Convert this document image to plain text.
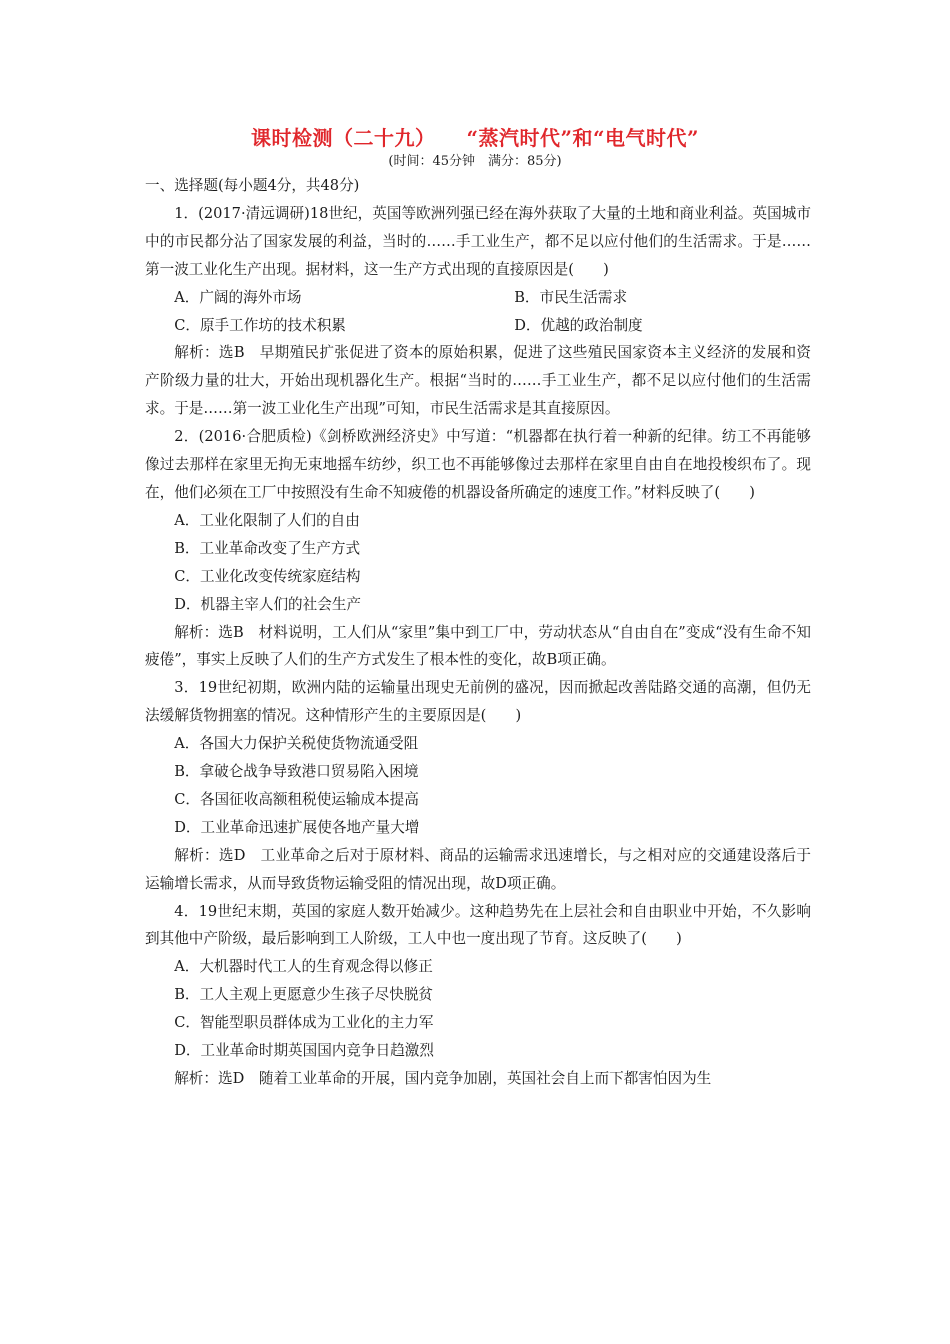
课时检测（二十九）　　“蒸汽时代”和“电气时代”
(时间：45分钟　满分：85分)

一、选择题(每小题4分，共48分)

1．(2017·清远调研)18世纪，英国等欧洲列强已经在海外获取了大量的土地和商业利益。英国城市中的市民都分沾了国家发展的利益，当时的……手工业生产，都不足以应付他们的生活需求。于是……第一波工业化生产出现。据材料，这一生产方式出现的直接原因是(　　)

A．广阔的海外市场	B．市民生活需求
C．原手工作坊的技术积累	D．优越的政治制度

解析：选B　早期殖民扩张促进了资本的原始积累，促进了这些殖民国家资本主义经济的发展和资产阶级力量的壮大，开始出现机器化生产。根据“当时的……手工业生产，都不足以应付他们的生活需求。于是……第一波工业化生产出现”可知，市民生活需求是其直接原因。

2．(2016·合肥质检)《剑桥欧洲经济史》中写道：“机器都在执行着一种新的纪律。纺工不再能够像过去那样在家里无拘无束地摇车纺纱，织工也不再能够像过去那样在家里自由自在地投梭织布了。现在，他们必须在工厂中按照没有生命不知疲倦的机器设备所确定的速度工作。”材料反映了(　　)

A．工业化限制了人们的自由

B．工业革命改变了生产方式

C．工业化改变传统家庭结构

D．机器主宰人们的社会生产

解析：选B　材料说明，工人们从“家里”集中到工厂中，劳动状态从“自由自在”变成“没有生命不知疲倦”，事实上反映了人们的生产方式发生了根本性的变化，故B项正确。

3．19世纪初期，欧洲内陆的运输量出现史无前例的盛况，因而掀起改善陆路交通的高潮，但仍无法缓解货物拥塞的情况。这种情形产生的主要原因是(　　)

A．各国大力保护关税使货物流通受阻

B．拿破仑战争导致港口贸易陷入困境

C．各国征收高额租税使运输成本提高

D．工业革命迅速扩展使各地产量大增

解析：选D　工业革命之后对于原材料、商品的运输需求迅速增长，与之相对应的交通建设落后于运输增长需求，从而导致货物运输受阻的情况出现，故D项正确。

4．19世纪末期，英国的家庭人数开始减少。这种趋势先在上层社会和自由职业中开始，不久影响到其他中产阶级，最后影响到工人阶级，工人中也一度出现了节育。这反映了(　　)

A．大机器时代工人的生育观念得以修正

B．工人主观上更愿意少生孩子尽快脱贫

C．智能型职员群体成为工业化的主力军

D．工业革命时期英国国内竞争日趋激烈

解析：选D　随着工业革命的开展，国内竞争加剧，英国社会自上而下都害怕因为生
